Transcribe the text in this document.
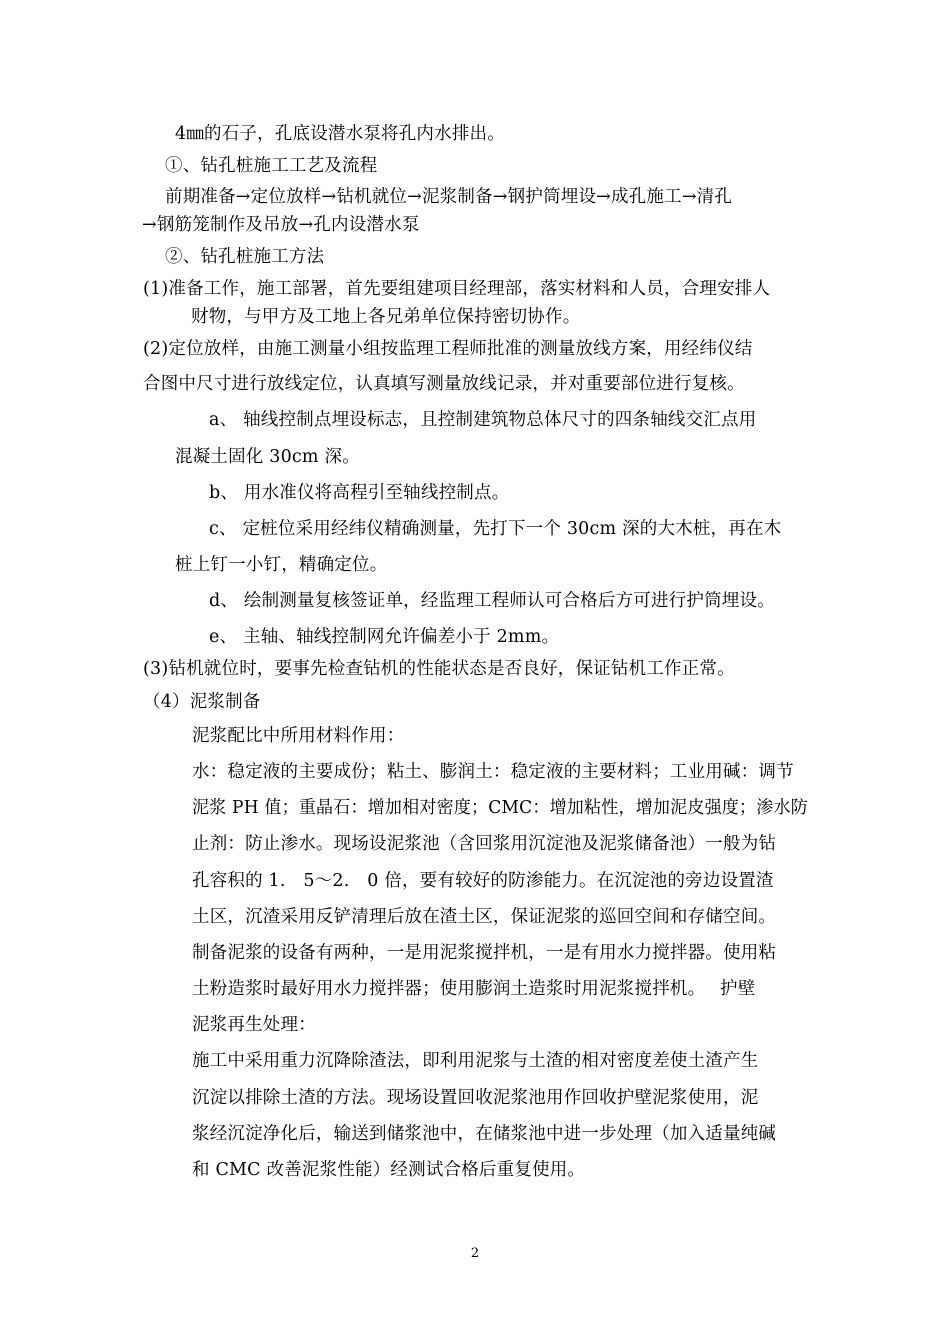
4㎜的石子，孔底设潜水泵将孔内水排出。
①、钻孔桩施工工艺及流程
前期准备→定位放样→钻机就位→泥浆制备→钢护筒埋设→成孔施工→清孔
→钢筋笼制作及吊放→孔内设潜水泵
②、钻孔桩施工方法
(1)准备工作，施工部署，首先要组建项目经理部，落实材料和人员，合理安排人
财物，与甲方及工地上各兄弟单位保持密切协作。
(2)定位放样，由施工测量小组按监理工程师批准的测量放线方案，用经纬仪结
合图中尺寸进行放线定位，认真填写测量放线记录，并对重要部位进行复核。
a、 轴线控制点埋设标志，且控制建筑物总体尺寸的四条轴线交汇点用
混凝土固化 30cm 深。
b、 用水准仪将高程引至轴线控制点。
c、 定桩位采用经纬仪精确测量，先打下一个 30cm 深的大木桩，再在木
桩上钉一小钉，精确定位。
d、 绘制测量复核签证单，经监理工程师认可合格后方可进行护筒埋设。
e、 主轴、轴线控制网允许偏差小于 2mm。
(3)钻机就位时，要事先检查钻机的性能状态是否良好，保证钻机工作正常。
（4）泥浆制备
泥浆配比中所用材料作用：
水：稳定液的主要成份；粘土、膨润土：稳定液的主要材料；工业用碱：调节
泥浆 PH 值；重晶石：增加相对密度；CMC：增加粘性，增加泥皮强度；渗水防
止剂：防止渗水。现场设泥浆池（含回浆用沉淀池及泥浆储备池）一般为钻
孔容积的 1.　5～2.　0 倍，要有较好的防渗能力。在沉淀池的旁边设置渣
土区，沉渣采用反铲清理后放在渣土区，保证泥浆的巡回空间和存储空间。
制备泥浆的设备有两种，一是用泥浆搅拌机，一是有用水力搅拌器。使用粘
土粉造浆时最好用水力搅拌器；使用膨润土造浆时用泥浆搅拌机。　 护壁
泥浆再生处理：
施工中采用重力沉降除渣法，即利用泥浆与土渣的相对密度差使土渣产生
沉淀以排除土渣的方法。现场设置回收泥浆池用作回收护壁泥浆使用，泥
浆经沉淀净化后，输送到储浆池中，在储浆池中进一步处理（加入适量纯碱
和 CMC 改善泥浆性能）经测试合格后重复使用。
2
